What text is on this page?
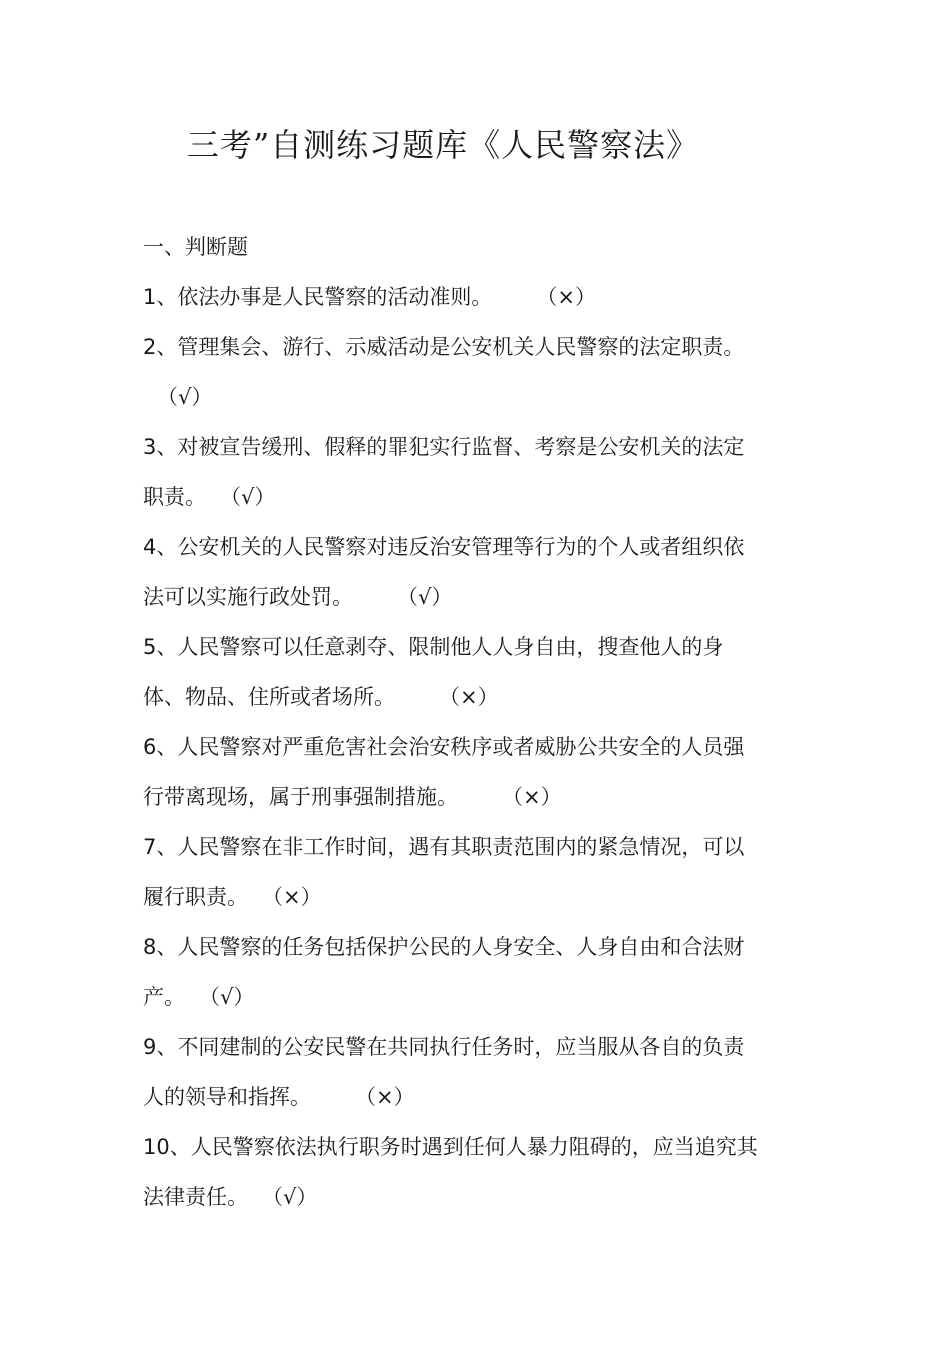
三考”自测练习题库《人民警察法》

一、判断题

1、依法办事是人民警察的活动准则。 （×）

2、管理集会、游行、示威活动是公安机关人民警察的法定职责。（√）

3、对被宣告缓刑、假释的罪犯实行监督、考察是公安机关的法定职责。 （√）

4、公安机关的人民警察对违反治安管理等行为的个人或者组织依法可以实施行政处罚。 （√）

5、人民警察可以任意剥夺、限制他人人身自由，搜查他人的身体、物品、住所或者场所。 （×）

6、人民警察对严重危害社会治安秩序或者威胁公共安全的人员强行带离现场，属于刑事强制措施。 （×）

7、人民警察在非工作时间，遇有其职责范围内的紧急情况，可以履行职责。 （×）

8、人民警察的任务包括保护公民的人身安全、人身自由和合法财产。 （√）

9、不同建制的公安民警在共同执行任务时，应当服从各自的负责人的领导和指挥。 （×）

10、人民警察依法执行职务时遇到任何人暴力阻碍的，应当追究其法律责任。 （√）
